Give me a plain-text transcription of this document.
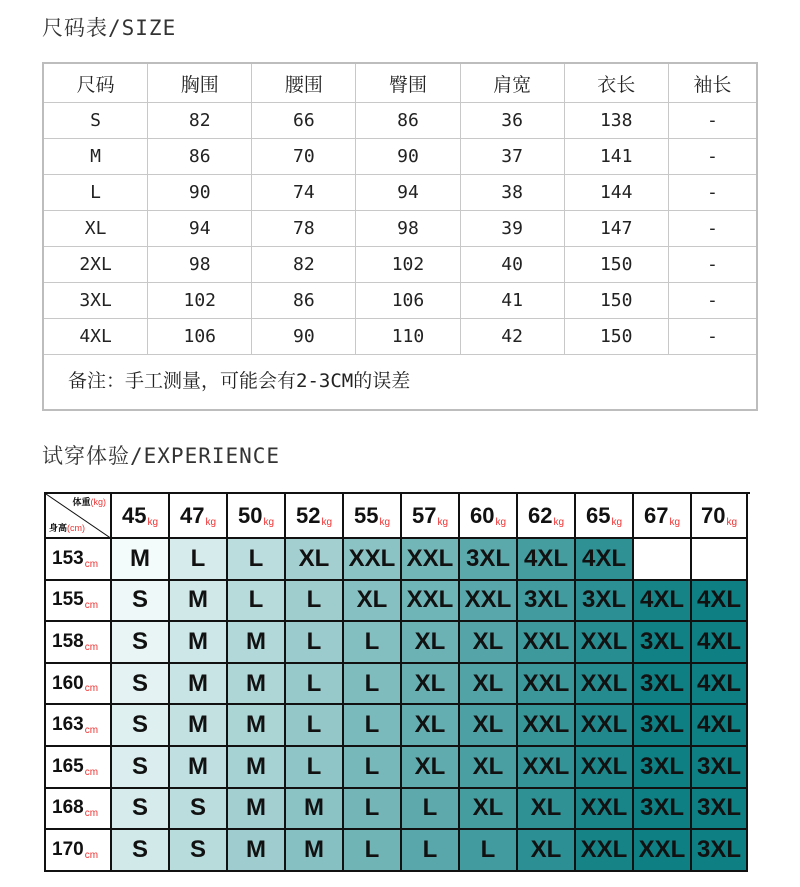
尺码表/SIZE
尺码	胸围	腰围	臀围	肩宽	衣长	袖长
S	82	66	86	36	138	-
M	86	70	90	37	141	-
L	90	74	94	38	144	-
XL	94	78	98	39	147	-
2XL	98	82	102	40	150	-
3XL	102	86	106	41	150	-
4XL	106	90	110	42	150	-
备注：手工测量，可能会有2-3CM的误差
试穿体验/EXPERIENCE
体重(kg)
身高(cm)
45 kg 47 kg 50 kg 52 kg 55 kg 57 kg 60 kg 62 kg 65 kg 67 kg 70 kg
153 cm	M	L	L	XL XXL XXL 3XL 4XL 4XL
155 cm	S	M	L	L	XL XXL XXL 3XL 3XL 4XL 4XL
158 cm	S	M	M	L	L	XL	XL XXL XXL 3XL 4XL
160 cm	S	M	M	L	L	XL	XL XXL XXL 3XL 4XL
163 cm	S	M	M	L	L	XL	XL XXL XXL 3XL 4XL
165 cm	S	M	M	L	L	XL	XL XXL XXL 3XL 3XL
168 cm	S	S	M	M	L	L	XL	XL XXL 3XL 3XL
170 cm	S	S	M	M	L	L	L	XL XXL XXL 3XL
